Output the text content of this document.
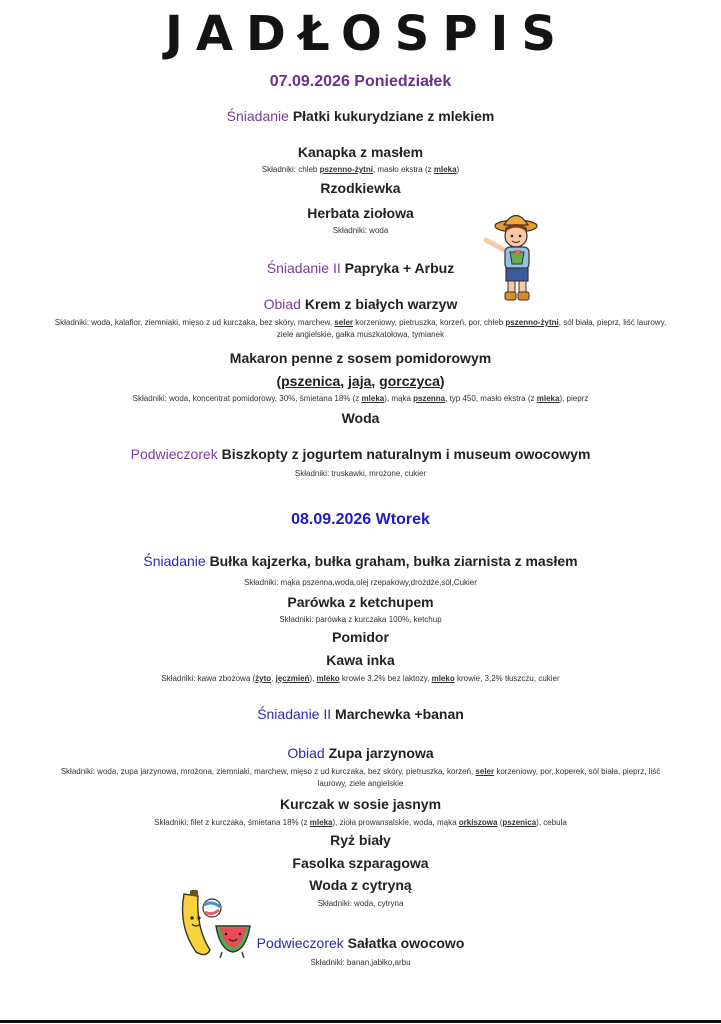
JADŁOSPIS
07.09.2026 Poniedziałek
Śniadanie Płatki kukurydziane z mlekiem
Kanapka z masłem
Składniki: chleb pszenno-żytni, masło ekstra (z mleka)
Rzodkiewka
Herbata ziołowa
Składniki: woda
Śniadanie II Papryka + Arbuz
Obiad Krem z białych warzyw
Składniki: woda, kalafior, ziemniaki, mięso z ud kurczaka, bez skóry, marchew, seler korzeniowy, pietruszka, korzeń, por, chleb pszenno-żytni, sól biała, pieprz, liść laurowy,
ziele angielskie, gałka muszkatołowa, tymianek
Makaron penne z sosem pomidorowym
(pszenica, jaja, gorczyca)
Składniki: woda, koncentrat pomidorowy, 30%, śmietana 18% (z mleka), mąka pszenna, typ 450, masło ekstra (z mleka), pieprz
Woda
Podwieczorek Biszkopty z jogurtem naturalnym i museum owocowym
Składniki: truskawki, mrożone, cukier
08.09.2026 Wtorek
Śniadanie Bułka kajzerka, bułka graham, bułka ziarnista z masłem
Składniki: mąka pszenna,woda,olej rzepakowy,drożdże,sól,Cukier
Parówka z ketchupem
Składniki: parówka z kurczaka 100%, ketchup
Pomidor
Kawa inka
Składniki: kawa zbożowa (żyto, jęczmień), mleko krowie 3,2% bez laktozy, mleko krowie, 3,2% tłuszczu, cukier
Śniadanie II Marchewka +banan
Obiad Zupa jarzynowa
Składniki: woda, zupa jarzynowa, mrożona, ziemniaki, marchew, mięso z ud kurczaka, bez skóry, pietruszka, korzeń, seler korzeniowy, por, koperek, sól biała, pieprz, liść
laurowy, ziele angielskie
Kurczak w sosie jasnym
Składniki: filet z kurczaka, śmietana 18% (z mleka), zioła prowansalskie, woda, mąka orkiszowa (pszenica), cebula
Ryż biały
Fasolka szparagowa
Woda z cytryną
Składniki: woda, cytryna
Podwieczorek Sałatka owocowo
Składniki: banan,jabłko,arbu
